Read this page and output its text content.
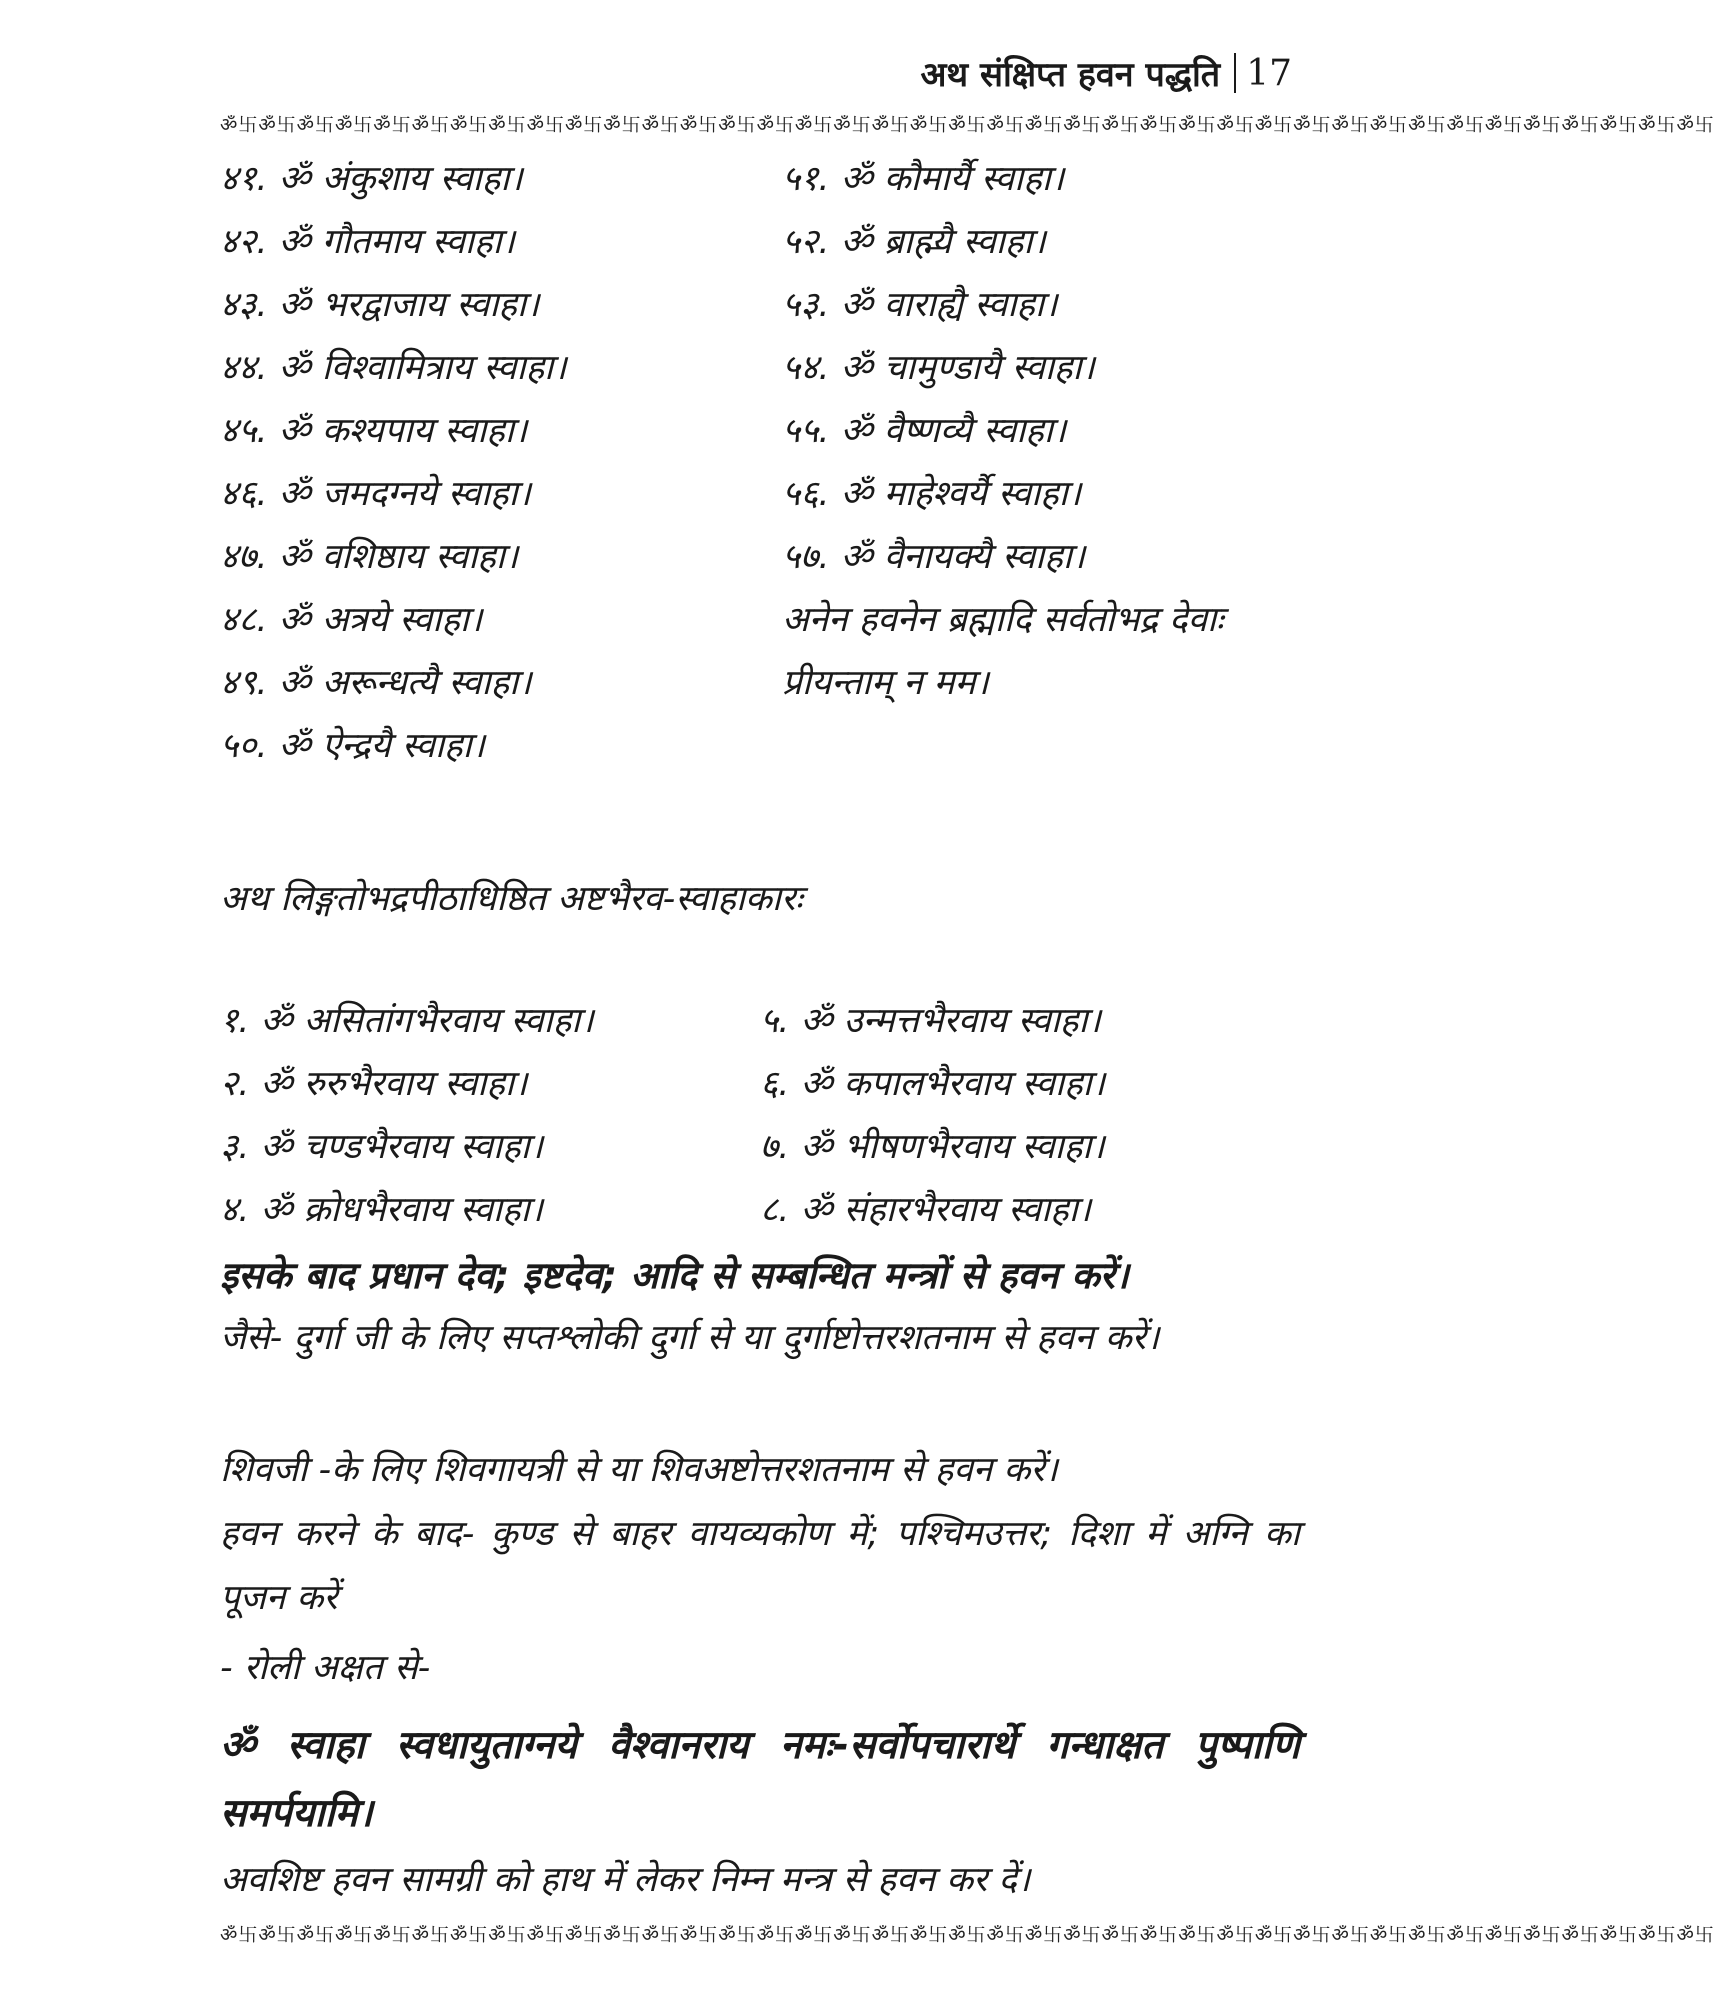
अथ संक्षिप्त हवन पद्धति 17
ॐ卐ॐ卐ॐ卐ॐ卐ॐ卐ॐ卐ॐ卐ॐ卐ॐ卐ॐ卐ॐ卐ॐ卐ॐ卐ॐ卐ॐ卐ॐ卐ॐ卐ॐ卐ॐ卐ॐ卐ॐ卐ॐ卐ॐ卐ॐ卐ॐ卐ॐ卐ॐ卐ॐ卐ॐ卐ॐ卐ॐ卐ॐ卐ॐ卐ॐ卐ॐ卐ॐ卐ॐ卐ॐ卐ॐ卐
४१. ॐ अंकुशाय स्वाहा।
४२. ॐ गौतमाय स्वाहा।
४३. ॐ भरद्वाजाय स्वाहा।
४४. ॐ विश्वामित्राय स्वाहा।
४५. ॐ कश्यपाय स्वाहा।
४६. ॐ जमदग्नये स्वाहा।
४७. ॐ वशिष्ठाय स्वाहा।
४८. ॐ अत्रये स्वाहा।
४९. ॐ अरून्धत्यै स्वाहा।
५०. ॐ ऐन्द्रयै स्वाहा।
५१. ॐ कौमार्यै स्वाहा।
५२. ॐ ब्राह्म्यै स्वाहा।
५३. ॐ वाराह्यै स्वाहा।
५४. ॐ चामुण्डायै स्वाहा।
५५. ॐ वैष्णव्यै स्वाहा।
५६. ॐ माहेश्वर्यै स्वाहा।
५७. ॐ वैनायक्यै स्वाहा।
अनेन हवनेन ब्रह्मादि सर्वतोभद्र देवाः
प्रीयन्ताम् न मम।
अथ लिङ्गतोभद्रपीठाधिष्ठित अष्टभैरव-स्वाहाकारः
१. ॐ असितांगभैरवाय स्वाहा।
२. ॐ रुरुभैरवाय स्वाहा।
३. ॐ चण्डभैरवाय स्वाहा।
४. ॐ क्रोधभैरवाय स्वाहा।
५. ॐ उन्मत्तभैरवाय स्वाहा।
६. ॐ कपालभैरवाय स्वाहा।
७. ॐ भीषणभैरवाय स्वाहा।
८. ॐ संहारभैरवाय स्वाहा।
इसके बाद प्रधान देव; इष्टदेव; आदि से सम्बन्धित मन्त्रों से हवन करें।
जैसे- दुर्गा जी के लिए सप्तश्लोकी दुर्गा से या दुर्गाष्टोत्तरशतनाम से हवन करें।
शिवजी -के लिए शिवगायत्री से या शिवअष्टोत्तरशतनाम से हवन करें।
हवन करने के बाद- कुण्ड से बाहर वायव्यकोण में; पश्चिमउत्तर; दिशा में अग्नि का पूजन करें
- रोली अक्षत से-
ॐ स्वाहा स्वधायुताग्नये वैश्वानराय नमः-सर्वोपचारार्थे गन्धाक्षत पुष्पाणि समर्पयामि।
अवशिष्ट हवन सामग्री को हाथ में लेकर निम्न मन्त्र से हवन कर दें।
ॐ卐ॐ卐ॐ卐ॐ卐ॐ卐ॐ卐ॐ卐ॐ卐ॐ卐ॐ卐ॐ卐ॐ卐ॐ卐ॐ卐ॐ卐ॐ卐ॐ卐ॐ卐ॐ卐ॐ卐ॐ卐ॐ卐ॐ卐ॐ卐ॐ卐ॐ卐ॐ卐ॐ卐ॐ卐ॐ卐ॐ卐ॐ卐ॐ卐ॐ卐ॐ卐ॐ卐ॐ卐ॐ卐ॐ卐
